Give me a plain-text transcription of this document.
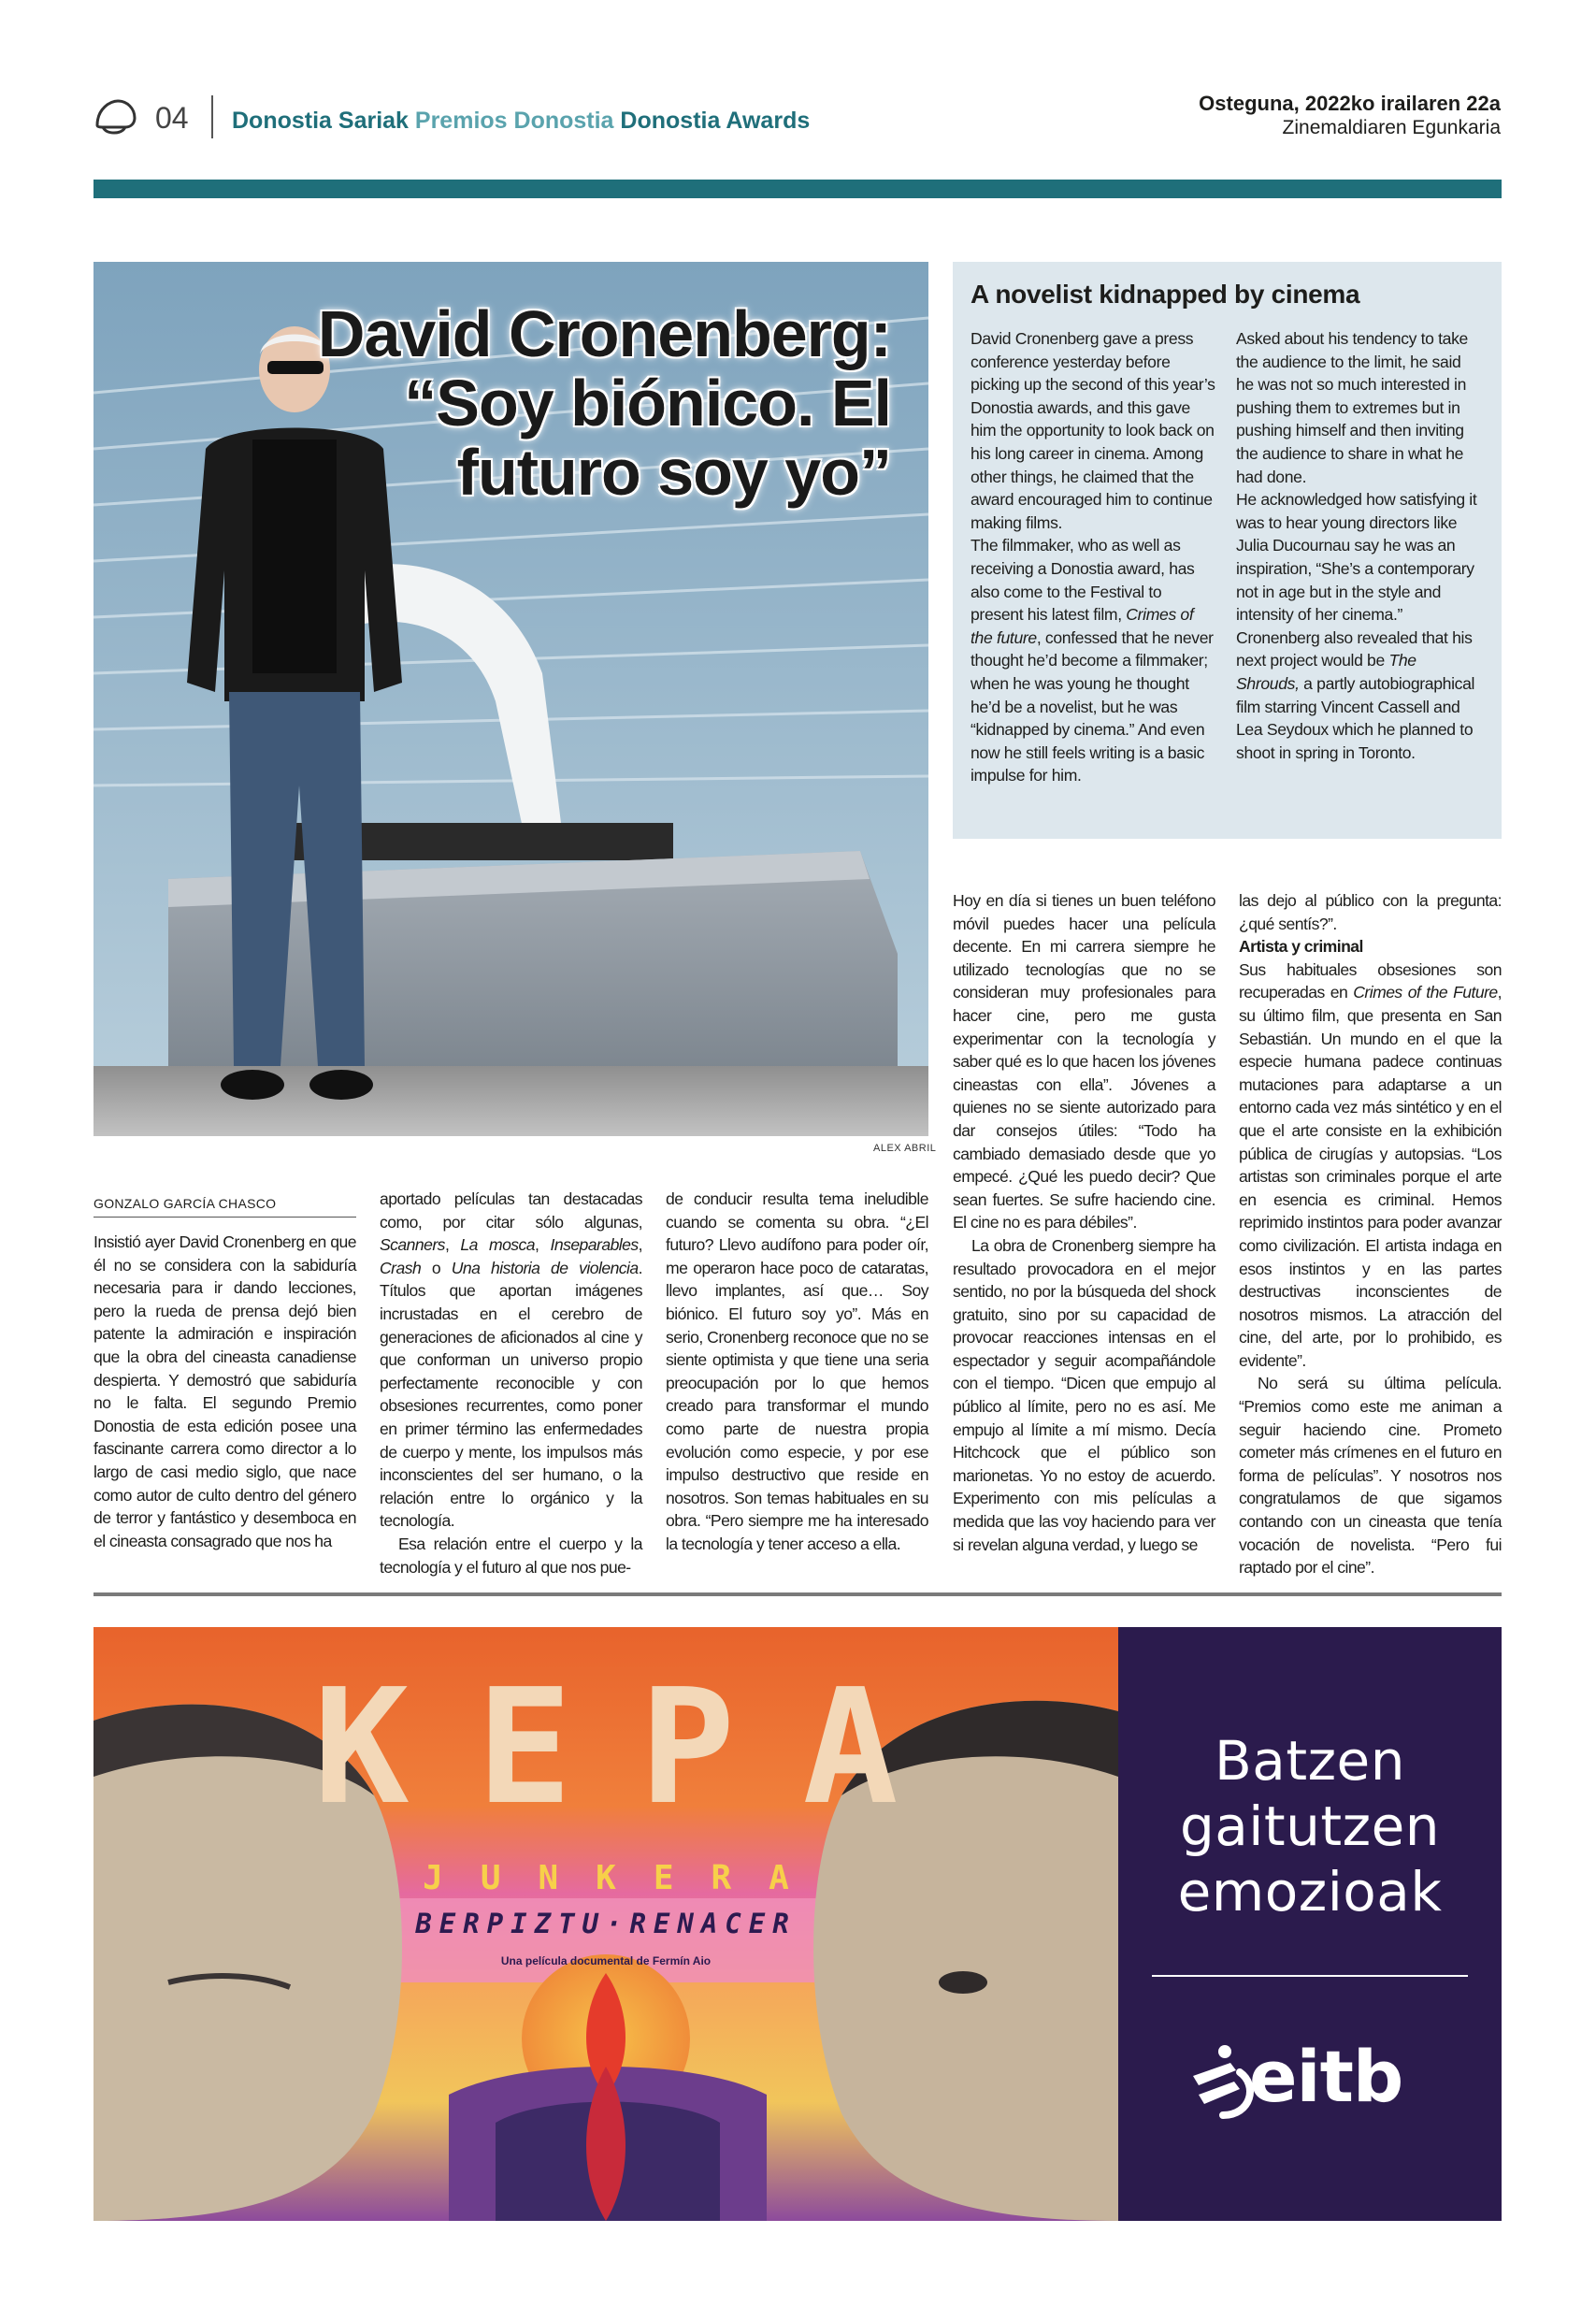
04 Donostia Sariak Premios Donostia Donostia Awards
Osteguna, 2022ko irailaren 22a
Zinemaldiaren Egunkaria
David Cronenberg: “Soy biónico. El futuro soy yo”
ALEX ABRIL
A novelist kidnapped by cinema

David Cronenberg gave a press conference yesterday before picking up the second of this year’s Donostia awards, and this gave him the opportunity to look back on his long career in cinema. Among other things, he claimed that the award encouraged him to continue making films.

The filmmaker, who as well as receiving a Donostia award, has also come to the Festival to present his latest film, Crimes of the future, confessed that he never thought he’d become a filmmaker; when he was young he thought he’d be a novelist, but he was “kidnapped by cinema.” And even now he still feels writing is a basic impulse for him.

Asked about his tendency to take the audience to the limit, he said he was not so much interested in pushing them to extremes but in pushing himself and then inviting the audience to share in what he had done.

He acknowledged how satisfying it was to hear young directors like Julia Ducournau say he was an inspiration, “She’s a contemporary not in age but in the style and intensity of her cinema.”

Cronenberg also revealed that his next project would be The Shrouds, a partly autobiographical film starring Vincent Cassell and Lea Seydoux which he planned to shoot in spring in Toronto.

GONZALO GARCÍA CHASCO

Insistió ayer David Cronenberg en que él no se considera con la sabiduría necesaria para ir dando lecciones, pero la rueda de prensa dejó bien patente la admiración e inspiración que la obra del cineasta canadiense despierta. Y demostró que sabiduría no le falta. El segundo Premio Donostia de esta edición posee una fascinante carrera como director a lo largo de casi medio siglo, que nace como autor de culto dentro del género de terror y fantástico y desemboca en el cineasta consagrado que nos ha

aportado películas tan destacadas como, por citar sólo algunas, Scanners, La mosca, Inseparables, Crash o Una historia de violencia. Títulos que aportan imágenes incrustadas en el cerebro de generaciones de aficionados al cine y que conforman un universo propio perfectamente reconocible y con obsesiones recurrentes, como poner en primer término las enfermedades de cuerpo y mente, los impulsos más inconscientes del ser humano, o la relación entre lo orgánico y la tecnología.

Esa relación entre el cuerpo y la tecnología y el futuro al que nos pue-

de conducir resulta tema ineludible cuando se comenta su obra. “¿El futuro? Llevo audífono para poder oír, me operaron hace poco de cataratas, llevo implantes, así que… Soy biónico. El futuro soy yo”. Más en serio, Cronenberg reconoce que no se siente optimista y que tiene una seria preocupación por lo que hemos creado para transformar el mundo como parte de nuestra propia evolución como especie, y por ese impulso destructivo que reside en nosotros. Son temas habituales en su obra. “Pero siempre me ha interesado la tecnología y tener acceso a ella.

Hoy en día si tienes un buen teléfono móvil puedes hacer una película decente. En mi carrera siempre he utilizado tecnologías que no se consideran muy profesionales para hacer cine, pero me gusta experimentar con la tecnología y saber qué es lo que hacen los jóvenes cineastas con ella”. Jóvenes a quienes no se siente autorizado para dar consejos útiles: “Todo ha cambiado demasiado desde que yo empecé. ¿Qué les puedo decir? Que sean fuertes. Se sufre haciendo cine. El cine no es para débiles”.

La obra de Cronenberg siempre ha resultado provocadora en el mejor sentido, no por la búsqueda del shock gratuito, sino por su capacidad de provocar reacciones intensas en el espectador y seguir acompañándole con el tiempo. “Dicen que empujo al público al límite, pero no es así. Me empujo al límite a mí mismo. Decía Hitchcock que el público son marionetas. Yo no estoy de acuerdo. Experimento con mis películas a medida que las voy haciendo para ver si revelan alguna verdad, y luego se

las dejo al público con la pregunta: ¿qué sentís?”.

Artista y criminal

Sus habituales obsesiones son recuperadas en Crimes of the Future, su último film, que presenta en San Sebastián. Un mundo en el que la especie humana padece continuas mutaciones para adaptarse a un entorno cada vez más sintético y en el que el arte consiste en la exhibición pública de cirugías y autopsias. “Los artistas son criminales porque el arte en esencia es criminal. Hemos reprimido instintos para poder avanzar como civilización. El artista indaga en esos instintos y en las partes destructivas inconscientes de nosotros mismos. La atracción del cine, del arte, por lo prohibido, es evidente”.

No será su última película. “Premios como este me animan a seguir haciendo cine. Prometo cometer más crímenes en el futuro en forma de películas”. Y nosotros nos congratulamos de que sigamos contando con un cineasta que tenía vocación de novelista. “Pero fui raptado por el cine”.

KEPA
JUNKERA
BERPIZTU·RENACER
Una película documental de Fermín Aio
Batzen
gaitutzen
emozioak
eitb
